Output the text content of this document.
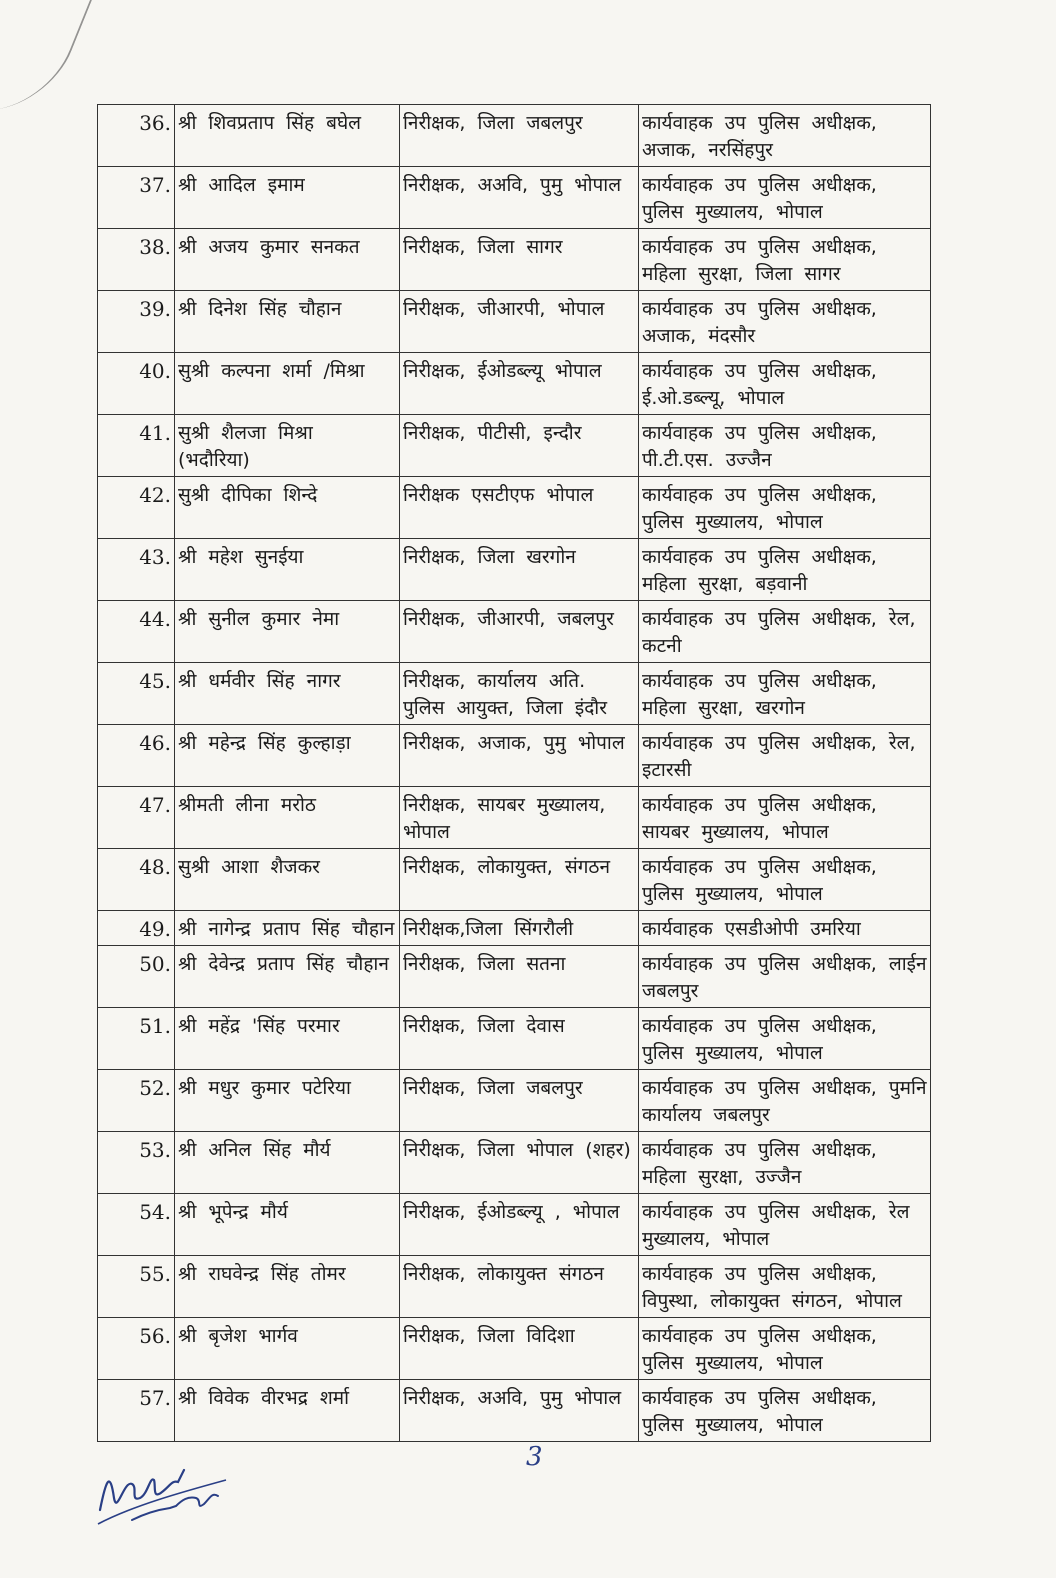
36.	श्री शिवप्रताप सिंह बघेल	निरीक्षक, जिला जबलपुर	कार्यवाहक उप पुलिस अधीक्षक, अजाक, नरसिंहपुर
37.	श्री आदिल इमाम	निरीक्षक, अअवि, पुमु भोपाल	कार्यवाहक उप पुलिस अधीक्षक, पुलिस मुख्यालय, भोपाल
38.	श्री अजय कुमार सनकत	निरीक्षक, जिला सागर	कार्यवाहक उप पुलिस अधीक्षक, महिला सुरक्षा, जिला सागर
39.	श्री दिनेश सिंह चौहान	निरीक्षक, जीआरपी, भोपाल	कार्यवाहक उप पुलिस अधीक्षक, अजाक, मंदसौर
40.	सुश्री कल्पना शर्मा /मिश्रा	निरीक्षक, ईओडब्ल्यू भोपाल	कार्यवाहक उप पुलिस अधीक्षक, ई.ओ.डब्ल्यू, भोपाल
41.	सुश्री शैलजा मिश्रा (भदौरिया)	निरीक्षक, पीटीसी, इन्दौर	कार्यवाहक उप पुलिस अधीक्षक, पी.टी.एस. उज्जैन
42.	सुश्री दीपिका शिन्दे	निरीक्षक एसटीएफ भोपाल	कार्यवाहक उप पुलिस अधीक्षक, पुलिस मुख्यालय, भोपाल
43.	श्री महेश सुनईया	निरीक्षक, जिला खरगोन	कार्यवाहक उप पुलिस अधीक्षक, महिला सुरक्षा, बड़वानी
44.	श्री सुनील कुमार नेमा	निरीक्षक, जीआरपी, जबलपुर	कार्यवाहक उप पुलिस अधीक्षक, रेल, कटनी
45.	श्री धर्मवीर सिंह नागर	निरीक्षक, कार्यालय अति. पुलिस आयुक्त, जिला इंदौर	कार्यवाहक उप पुलिस अधीक्षक, महिला सुरक्षा, खरगोन
46.	श्री महेन्द्र सिंह कुल्हाड़ा	निरीक्षक, अजाक, पुमु भोपाल	कार्यवाहक उप पुलिस अधीक्षक, रेल, इटारसी
47.	श्रीमती लीना मरोठ	निरीक्षक, सायबर मुख्यालय, भोपाल	कार्यवाहक उप पुलिस अधीक्षक, सायबर मुख्यालय, भोपाल
48.	सुश्री आशा शैजकर	निरीक्षक, लोकायुक्त, संगठन	कार्यवाहक उप पुलिस अधीक्षक, पुलिस मुख्यालय, भोपाल
49.	श्री नागेन्द्र प्रताप सिंह चौहान	निरीक्षक,जिला सिंगरौली	कार्यवाहक एसडीओपी उमरिया
50.	श्री देवेन्द्र प्रताप सिंह चौहान	निरीक्षक, जिला सतना	कार्यवाहक उप पुलिस अधीक्षक, लाईन जबलपुर
51.	श्री महेंद्र 'सिंह परमार	निरीक्षक, जिला देवास	कार्यवाहक उप पुलिस अधीक्षक, पुलिस मुख्यालय, भोपाल
52.	श्री मधुर कुमार पटेरिया	निरीक्षक, जिला जबलपुर	कार्यवाहक उप पुलिस अधीक्षक, पुमनि कार्यालय जबलपुर
53.	श्री अनिल सिंह मौर्य	निरीक्षक, जिला भोपाल (शहर)	कार्यवाहक उप पुलिस अधीक्षक, महिला सुरक्षा, उज्जैन
54.	श्री भूपेन्द्र मौर्य	निरीक्षक, ईओडब्ल्यू , भोपाल	कार्यवाहक उप पुलिस अधीक्षक, रेल मुख्यालय, भोपाल
55.	श्री राघवेन्द्र सिंह तोमर	निरीक्षक, लोकायुक्त संगठन	कार्यवाहक उप पुलिस अधीक्षक, विपुस्था, लोकायुक्त संगठन, भोपाल
56.	श्री बृजेश भार्गव	निरीक्षक, जिला विदिशा	कार्यवाहक उप पुलिस अधीक्षक, पुलिस मुख्यालय, भोपाल
57.	श्री विवेक वीरभद्र शर्मा	निरीक्षक, अअवि, पुमु भोपाल	कार्यवाहक उप पुलिस अधीक्षक, पुलिस मुख्यालय, भोपाल
3
